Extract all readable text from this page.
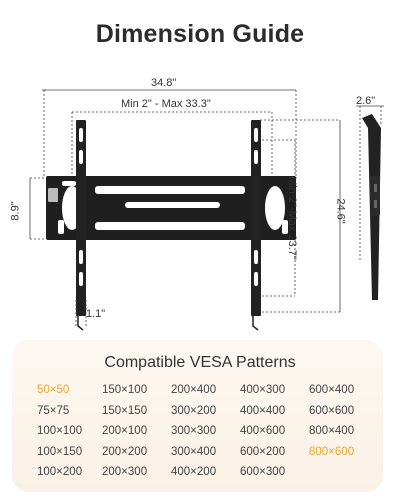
Dimension Guide
34.8"
Min 2" - Max 33.3"
8.9"	Min 2"-Max 23.7"	24.6"
2.6"
1.1"
Compatible VESA Patterns
50×50	150×100	200×400	400×300	600×400
75×75	150×150	300×200	400×400	600×600
100×100	200×100	300×300	400×600	800×400
100×150	200×200	300×400	600×200	800×600
100×200	200×300	400×200	600×300
